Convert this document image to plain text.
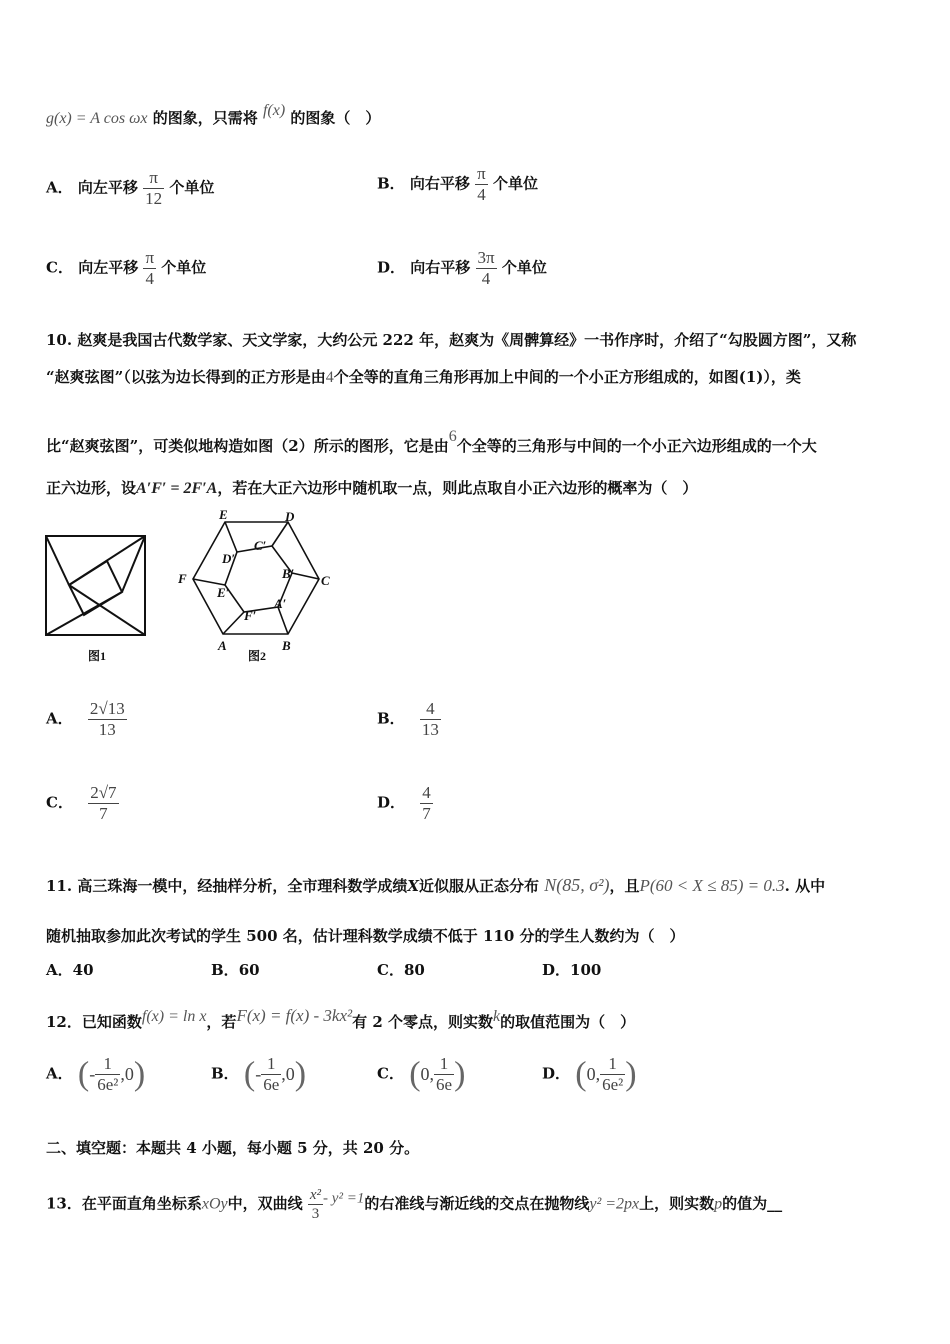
g(x) = A cos ωx 的图象，只需将 f(x) 的图象（　）
A． 向左平移 $\frac{\pi}{12}$ 个单位	B． 向右平移 $\frac{\pi}{4}$ 个单位
C． 向左平移 $\frac{\pi}{4}$ 个单位	D． 向右平移 $\frac{3\pi}{4}$ 个单位
10. 赵爽是我国古代数学家、天文学家，大约公元 222 年，赵爽为《周髀算经》一书作序时，介绍了“勾股圆方图”，又称
“赵爽弦图”（以弦为边长得到的正方形是由4个全等的直角三角形再加上中间的一个小正方形组成的，如图(1)），类
比“赵爽弦图”，可类似地构造如图（2）所示的图形，它是由6个全等的三角形与中间的一个小正六边形组成的一个大
正六边形，设A′F′ = 2F′A，若在大正六边形中随机取一点，则此点取自小正六边形的概率为（　）
图1
E	D
F	C
A	B
D′
C′
E′
B′
F′
A′
图2
A． $\frac{2√13}{13}$	B． $\frac{4}{13}$
C． $\frac{2√7}{7}$	D． $\frac{4}{7}$
11. 高三珠海一模中，经抽样分析，全市理科数学成绩X近似服从正态分布 N(85, σ²)，且P(60 < X ≤ 85) = 0.3. 从中
随机抽取参加此次考试的学生 500 名，估计理科数学成绩不低于 110 分的学生人数约为（　）
A．40	B．60	C．80	D．100
12．已知函数f(x) = ln x，若F(x) = f(x) - 3kx²有 2 个零点，则实数k的取值范围为（　）
A． (- $\frac{1}{\text{6e²}} ,0$)	B． (- $\frac{1}{6e} ,0$)	C． (0, $\frac{1}{6e}$ )	D． (0, $\frac{1}{\text{6e²}}$ )
二、填空题：本题共 4 小题，每小题 5 分，共 20 分。
13．在平面直角坐标系xOy中，双曲线 $\frac{\text{x²}}{3} - y^2 =1$的右准线与渐近线的交点在抛物线y² =2px上，则实数p的值为__
